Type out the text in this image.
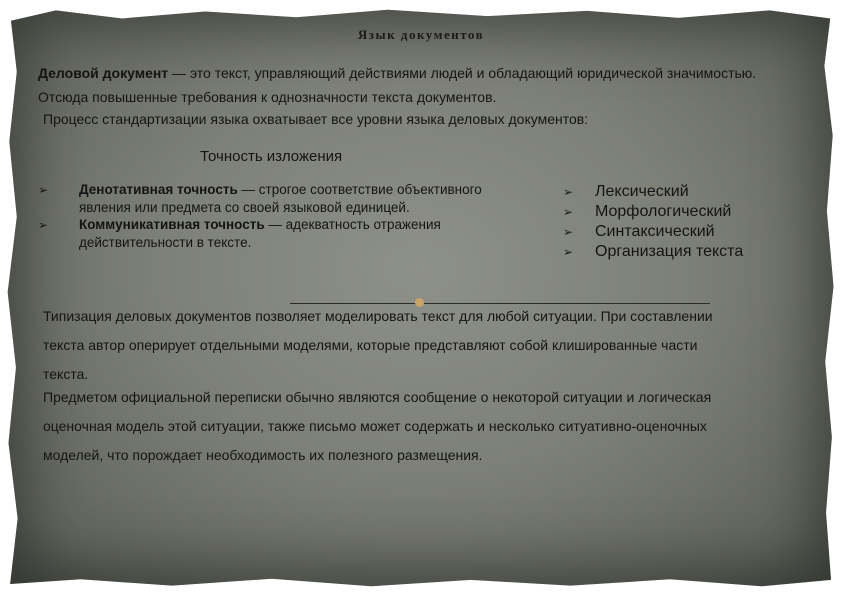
Язык документов

Деловой документ — это текст, управляющий действиями людей и обладающий юридической значимостью. Отсюда повышенные требования к однозначности текста документов.

Процесс стандартизации языка охватывает все уровни языка деловых документов:

Точность изложения
➢ Денотативная точность — строгое соответствие объективного явления или предмета со своей языковой единицей.
➢ Коммуникативная точность — адекватность отражения действительности в тексте.
➢ Лексический
➢ Морфологический
➢ Синтаксический
➢ Организация текста

Типизация деловых документов позволяет моделировать текст для любой ситуации. При составлении текста автор оперирует отдельными моделями, которые представляют собой клишированные части текста.

Предметом официальной переписки обычно являются сообщение о некоторой ситуации и логическая оценочная модель этой ситуации, также письмо может содержать и несколько ситуативно-оценочных моделей, что порождает необходимость их полезного размещения.
